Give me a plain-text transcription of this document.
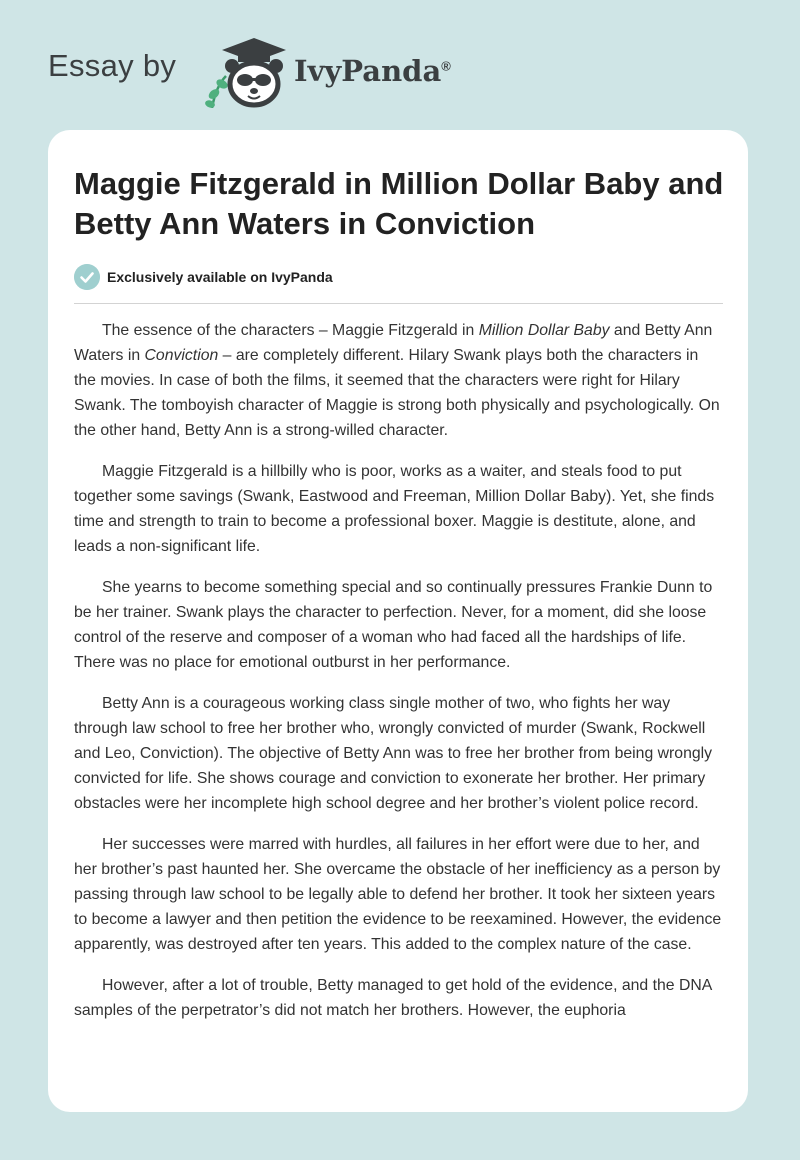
Essay by	IvyPanda®
Maggie Fitzgerald in Million Dollar Baby and Betty Ann Waters in Conviction
Exclusively available on IvyPanda

The essence of the characters – Maggie Fitzgerald in Million Dollar Baby and Betty Ann Waters in Conviction – are completely different. Hilary Swank plays both the characters in the movies. In case of both the films, it seemed that the characters were right for Hilary Swank. The tomboyish character of Maggie is strong both physically and psychologically. On the other hand, Betty Ann is a strong-willed character.

Maggie Fitzgerald is a hillbilly who is poor, works as a waiter, and steals food to put together some savings (Swank, Eastwood and Freeman, Million Dollar Baby). Yet, she finds time and strength to train to become a professional boxer. Maggie is destitute, alone, and leads a non-significant life.

She yearns to become something special and so continually pressures Frankie Dunn to be her trainer. Swank plays the character to perfection. Never, for a moment, did she loose control of the reserve and composer of a woman who had faced all the hardships of life. There was no place for emotional outburst in her performance.

Betty Ann is a courageous working class single mother of two, who fights her way through law school to free her brother who, wrongly convicted of murder (Swank, Rockwell and Leo, Conviction). The objective of Betty Ann was to free her brother from being wrongly convicted for life. She shows courage and conviction to exonerate her brother. Her primary obstacles were her incomplete high school degree and her brother’s violent police record.

Her successes were marred with hurdles, all failures in her effort were due to her, and her brother’s past haunted her. She overcame the obstacle of her inefficiency as a person by passing through law school to be legally able to defend her brother. It took her sixteen years to become a lawyer and then petition the evidence to be reexamined. However, the evidence apparently, was destroyed after ten years. This added to the complex nature of the case.

However, after a lot of trouble, Betty managed to get hold of the evidence, and the DNA samples of the perpetrator’s did not match her brothers. However, the euphoria
